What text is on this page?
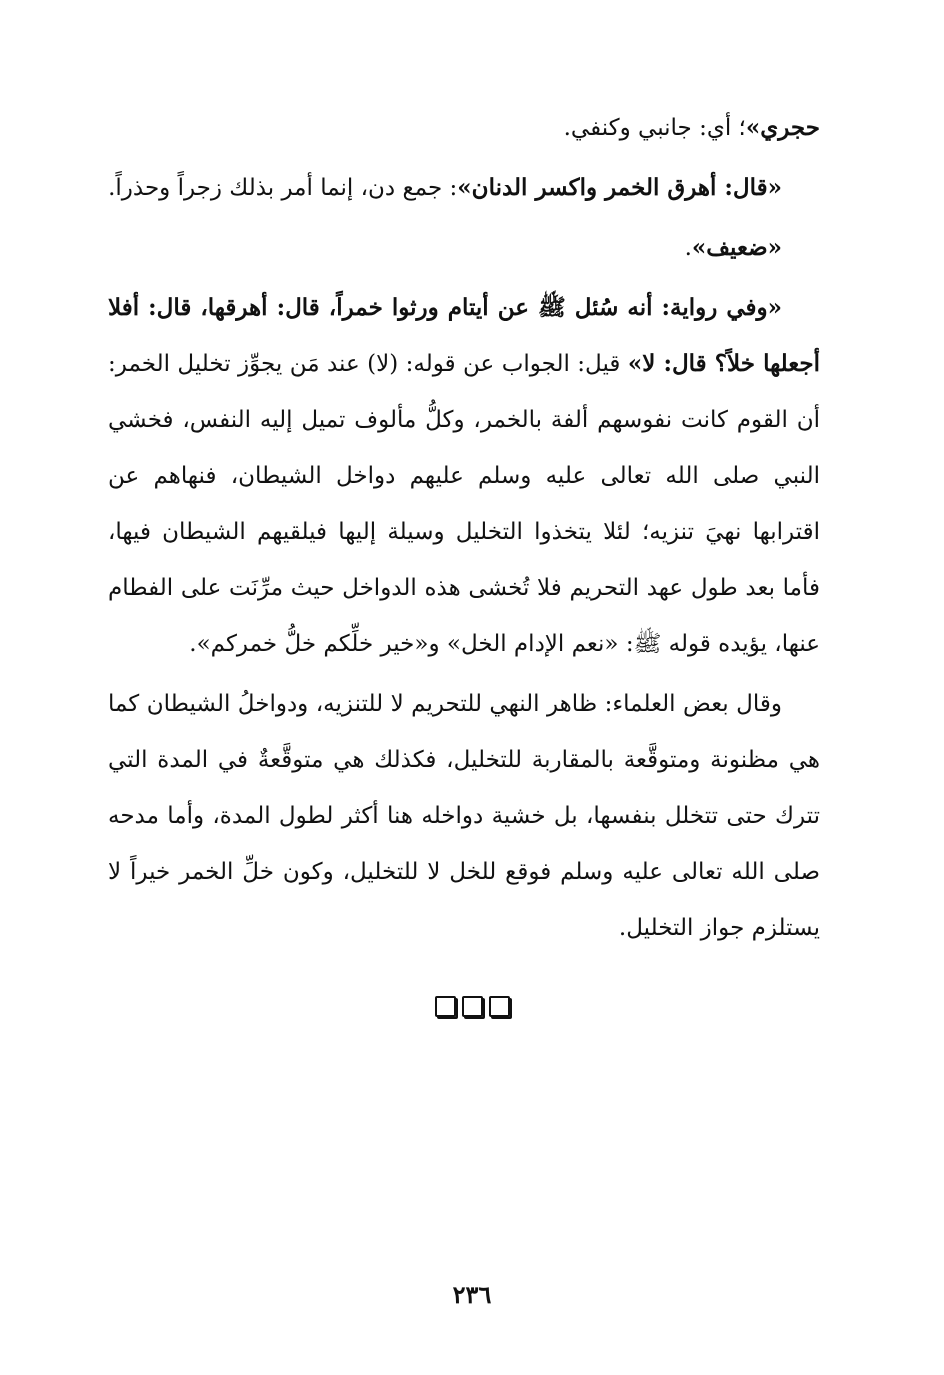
حجري»؛ أي: جانبي وكنفي.

«قال: أهرق الخمر واكسر الدنان»: جمع دن، إنما أمر بذلك زجراً وحذراً.

«ضعيف».

«وفي رواية: أنه سُئل ﷺ عن أيتام ورثوا خمراً، قال: أهرقها، قال: أفلا أجعلها خلاً؟ قال: لا» قيل: الجواب عن قوله: (لا) عند مَن يجوِّز تخليل الخمر: أن القوم كانت نفوسهم ألفة بالخمر، وكلُّ مألوف تميل إليه النفس، فخشي النبي صلى الله تعالى عليه وسلم عليهم دواخل الشيطان، فنهاهم عن اقترابها نهيَ تنزيه؛ لئلا يتخذوا التخليل وسيلة إليها فيلقيهم الشيطان فيها، فأما بعد طول عهد التحريم فلا تُخشى هذه الدواخل حيث مرِّنَت على الفطام عنها، يؤيده قوله ﷺ: «نعم الإدام الخل» و«خير خلِّكم خلُّ خمركم».

وقال بعض العلماء: ظاهر النهي للتحريم لا للتنزيه، ودواخلُ الشيطان كما هي مظنونة ومتوقَّعة بالمقاربة للتخليل، فكذلك هي متوقَّعةٌ في المدة التي تترك حتى تتخلل بنفسها، بل خشية دواخله هنا أكثر لطول المدة، وأما مدحه صلى الله تعالى عليه وسلم فوقع للخل لا للتخليل، وكون خلِّ الخمر خيراً لا يستلزم جواز التخليل.

٢٣٦
